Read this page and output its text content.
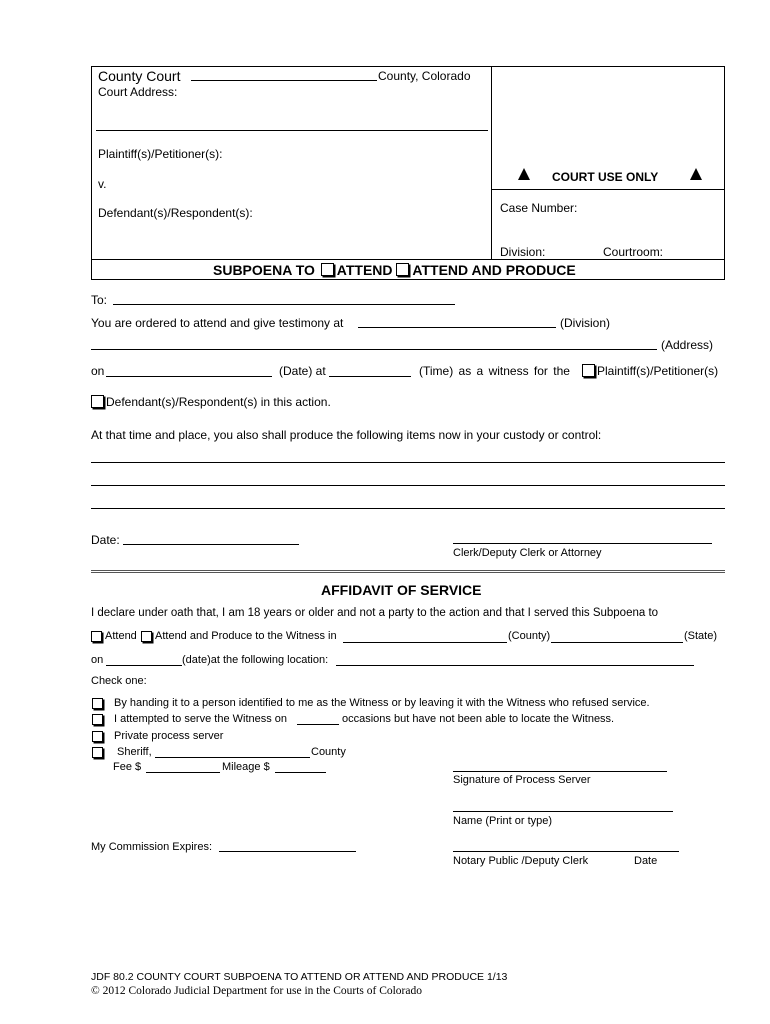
County Court	County, Colorado
Court Address:
Plaintiff(s)/Petitioner(s):
v.
Defendant(s)/Respondent(s):
COURT USE ONLY
Case Number:
Division:	Courtroom:
SUBPOENA TO ATTEND ATTEND AND PRODUCE
To:
You are ordered to attend and give testimony at	(Division)
(Address)
on	(Date) at	(Time) as a witness for the Plaintiff(s)/Petitioner(s)
Defendant(s)/Respondent(s) in this action.
At that time and place, you also shall produce the following items now in your custody or control:
Date:
Clerk/Deputy Clerk or Attorney
AFFIDAVIT OF SERVICE
I declare under oath that, I am 18 years or older and not a party to the action and that I served this Subpoena to
Attend Attend and Produce to the Witness in	(County)	(State)
on	(date)at the following location:
Check one:
By handing it to a person identified to me as the Witness or by leaving it with the Witness who refused service.
I attempted to serve the Witness on	occasions but have not been able to locate the Witness.
Private process server
Sheriff,	County
Fee $	Mileage $
Signature of Process Server
Name (Print or type)
My Commission Expires:
Notary Public /Deputy Clerk	Date
JDF 80.2 COUNTY COURT SUBPOENA TO ATTEND OR ATTEND AND PRODUCE 1/13
© 2012 Colorado Judicial Department for use in the Courts of Colorado
